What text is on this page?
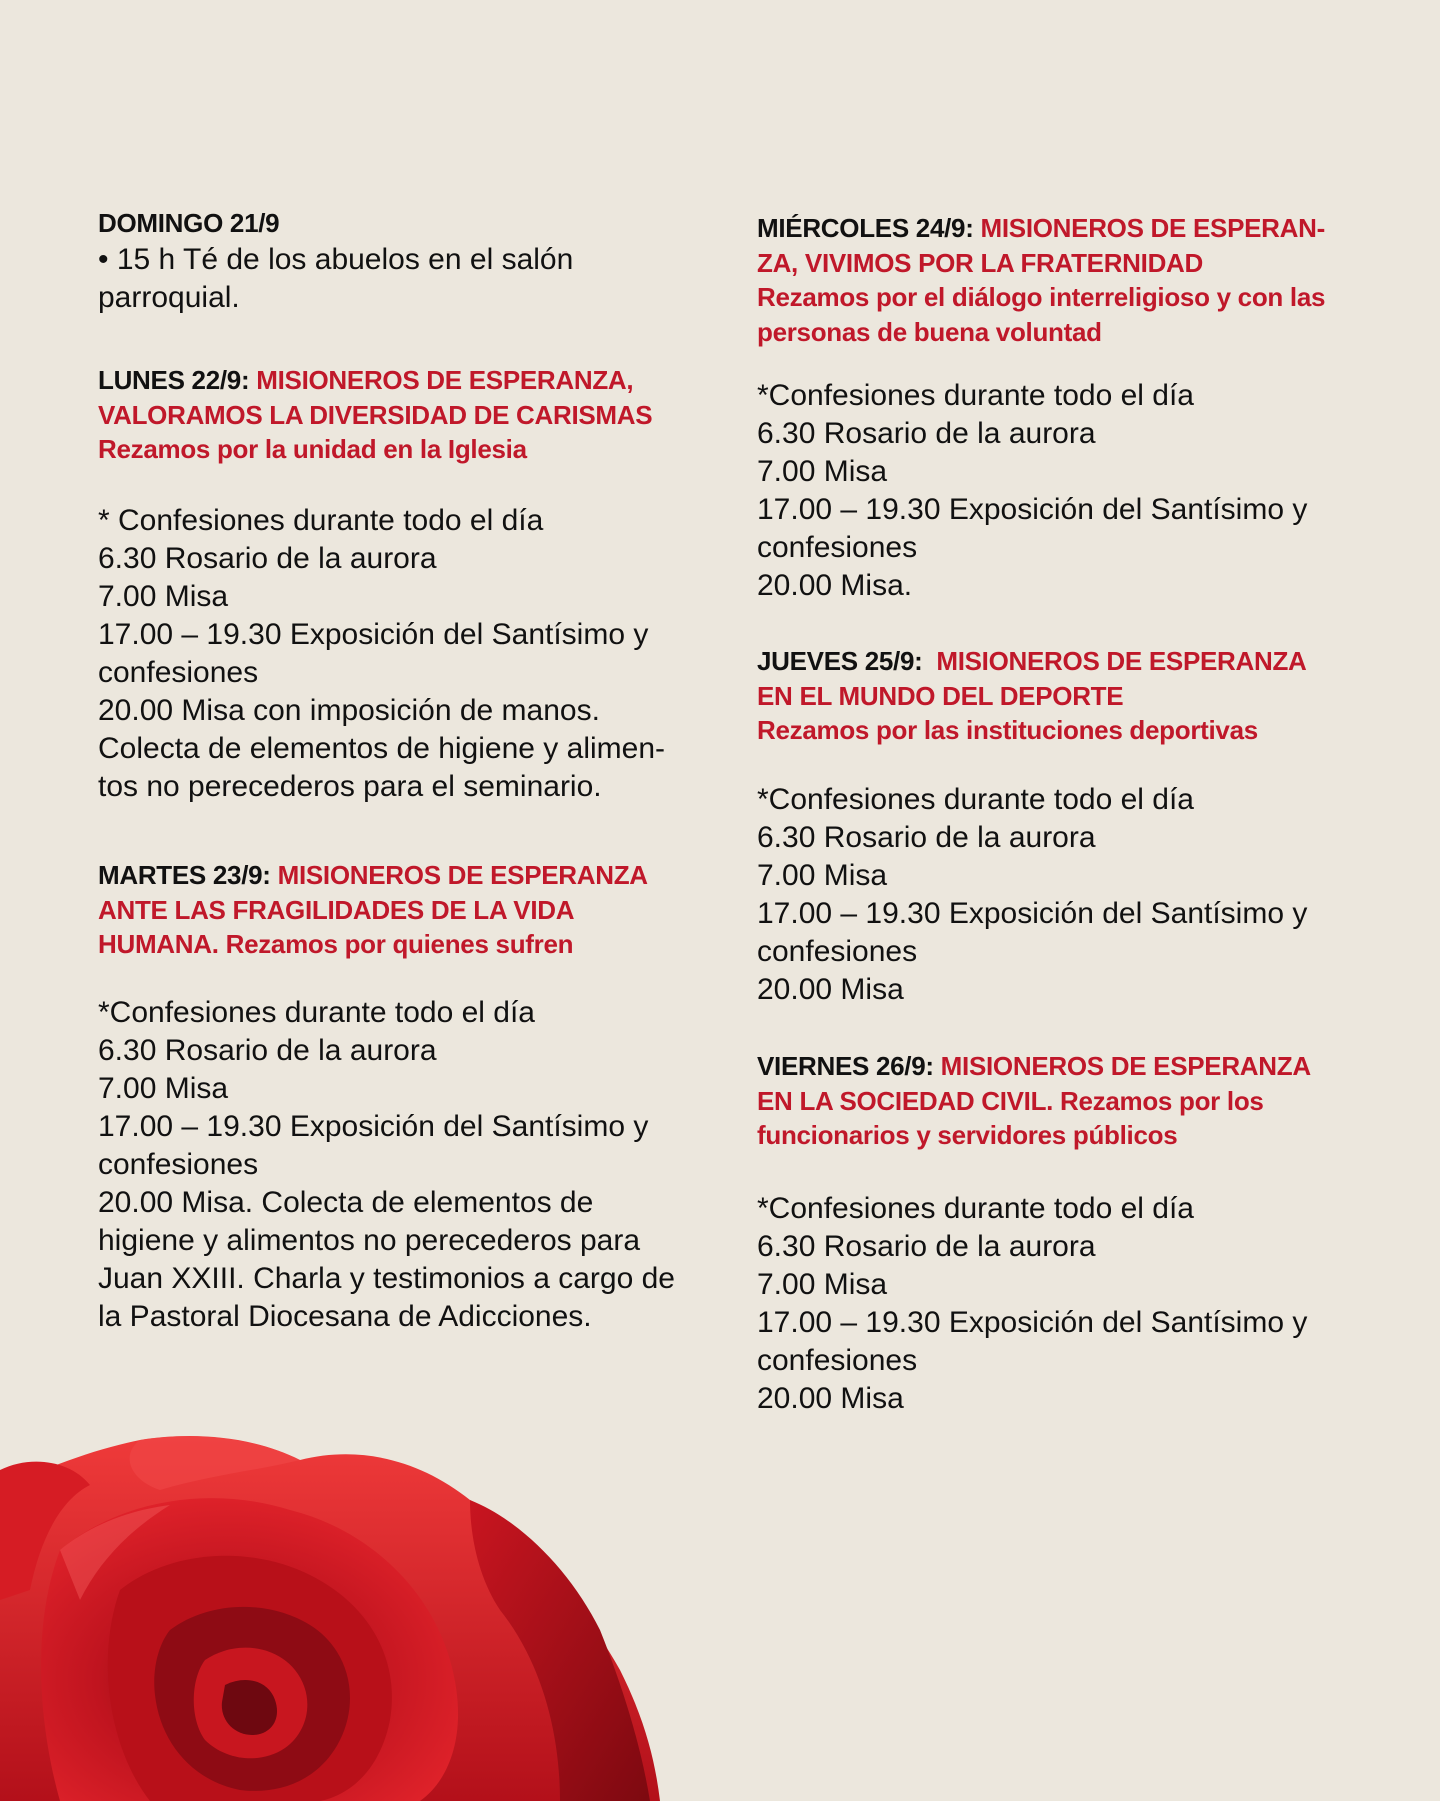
DOMINGO 21/9

• 15 h Té de los abuelos en el salón
parroquial.

LUNES 22/9: MISIONEROS DE ESPERANZA,
VALORAMOS LA DIVERSIDAD DE CARISMAS
Rezamos por la unidad en la Iglesia

* Confesiones durante todo el día
6.30 Rosario de la aurora
7.00 Misa
17.00 – 19.30 Exposición del Santísimo y
confesiones
20.00 Misa con imposición de manos.
Colecta de elementos de higiene y alimen-
tos no perecederos para el seminario.

MARTES 23/9: MISIONEROS DE ESPERANZA
ANTE LAS FRAGILIDADES DE LA VIDA
HUMANA. Rezamos por quienes sufren

*Confesiones durante todo el día
6.30 Rosario de la aurora
7.00 Misa
17.00 – 19.30 Exposición del Santísimo y
confesiones
20.00 Misa. Colecta de elementos de
higiene y alimentos no perecederos para
Juan XXIII. Charla y testimonios a cargo de
la Pastoral Diocesana de Adicciones.

MIÉRCOLES 24/9: MISIONEROS DE ESPERAN-
ZA, VIVIMOS POR LA FRATERNIDAD
Rezamos por el diálogo interreligioso y con las
personas de buena voluntad

*Confesiones durante todo el día
6.30 Rosario de la aurora
7.00 Misa
17.00 – 19.30 Exposición del Santísimo y
confesiones
20.00 Misa.

JUEVES 25/9: MISIONEROS DE ESPERANZA
EN EL MUNDO DEL DEPORTE
Rezamos por las instituciones deportivas

*Confesiones durante todo el día
6.30 Rosario de la aurora
7.00 Misa
17.00 – 19.30 Exposición del Santísimo y
confesiones
20.00 Misa

VIERNES 26/9: MISIONEROS DE ESPERANZA
EN LA SOCIEDAD CIVIL. Rezamos por los
funcionarios y servidores públicos

*Confesiones durante todo el día
6.30 Rosario de la aurora
7.00 Misa
17.00 – 19.30 Exposición del Santísimo y
confesiones
20.00 Misa
